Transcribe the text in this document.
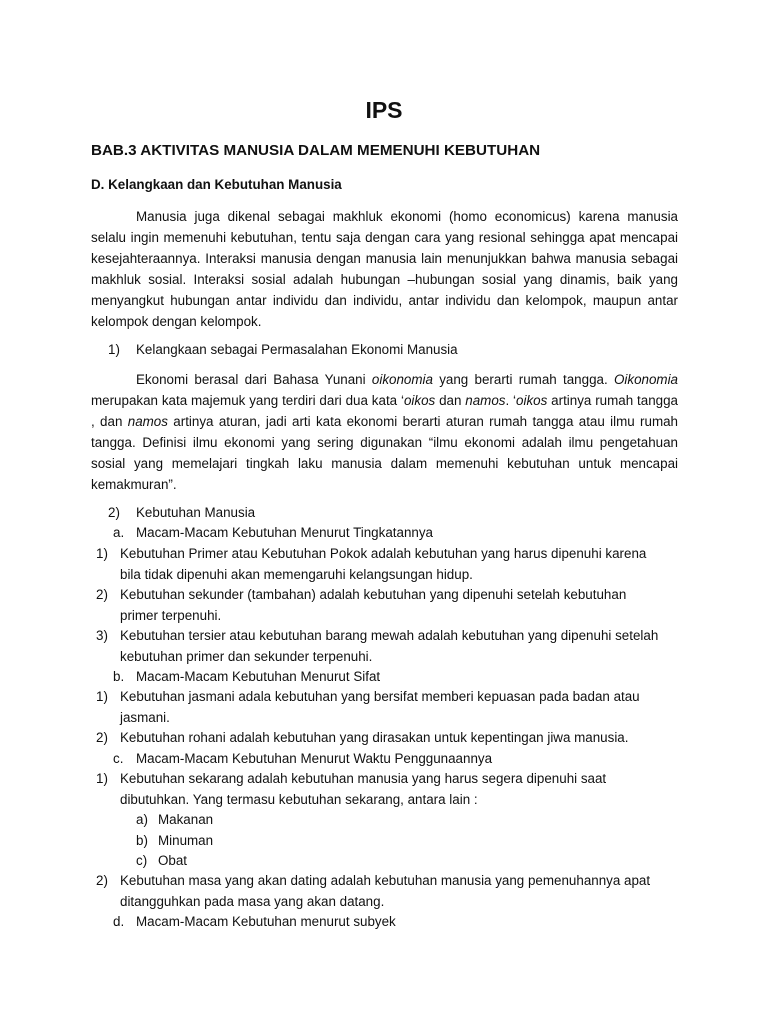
IPS
BAB.3 AKTIVITAS MANUSIA DALAM MEMENUHI KEBUTUHAN
D. Kelangkaan dan Kebutuhan Manusia

Manusia juga dikenal sebagai makhluk ekonomi (homo economicus) karena manusia selalu ingin memenuhi kebutuhan, tentu saja dengan cara yang resional sehingga apat mencapai kesejahteraannya. Interaksi manusia dengan manusia lain menunjukkan bahwa manusia sebagai makhluk sosial. Interaksi sosial adalah hubungan –hubungan sosial yang dinamis, baik yang menyangkut hubungan antar individu dan individu, antar individu dan kelompok, maupun antar kelompok dengan kelompok.

1) Kelangkaan sebagai Permasalahan Ekonomi Manusia

Ekonomi berasal dari Bahasa Yunani oikonomia yang berarti rumah tangga. Oikonomia merupakan kata majemuk yang terdiri dari dua kata ‘oikos dan namos. ‘oikos artinya rumah tangga , dan namos artinya aturan, jadi arti kata ekonomi berarti aturan rumah tangga atau ilmu rumah tangga. Definisi ilmu ekonomi yang sering digunakan “ilmu ekonomi adalah ilmu pengetahuan sosial yang memelajari tingkah laku manusia dalam memenuhi kebutuhan untuk mencapai kemakmuran”.

2) Kebutuhan Manusia
a. Macam-Macam Kebutuhan Menurut Tingkatannya
1) Kebutuhan Primer atau Kebutuhan Pokok adalah kebutuhan yang harus dipenuhi karena
bila tidak dipenuhi akan memengaruhi kelangsungan hidup.
2) Kebutuhan sekunder (tambahan) adalah kebutuhan yang dipenuhi setelah kebutuhan
primer terpenuhi.
3) Kebutuhan tersier atau kebutuhan barang mewah adalah kebutuhan yang dipenuhi setelah
kebutuhan primer dan sekunder terpenuhi.
b. Macam-Macam Kebutuhan Menurut Sifat
1) Kebutuhan jasmani adala kebutuhan yang bersifat memberi kepuasan pada badan atau
jasmani.
2) Kebutuhan rohani adalah kebutuhan yang dirasakan untuk kepentingan jiwa manusia.
c. Macam-Macam Kebutuhan Menurut Waktu Penggunaannya
1) Kebutuhan sekarang adalah kebutuhan manusia yang harus segera dipenuhi saat
dibutuhkan. Yang termasu kebutuhan sekarang, antara lain :
a) Makanan
b) Minuman
c) Obat
2) Kebutuhan masa yang akan dating adalah kebutuhan manusia yang pemenuhannya apat
ditangguhkan pada masa yang akan datang.
d. Macam-Macam Kebutuhan menurut subyek
